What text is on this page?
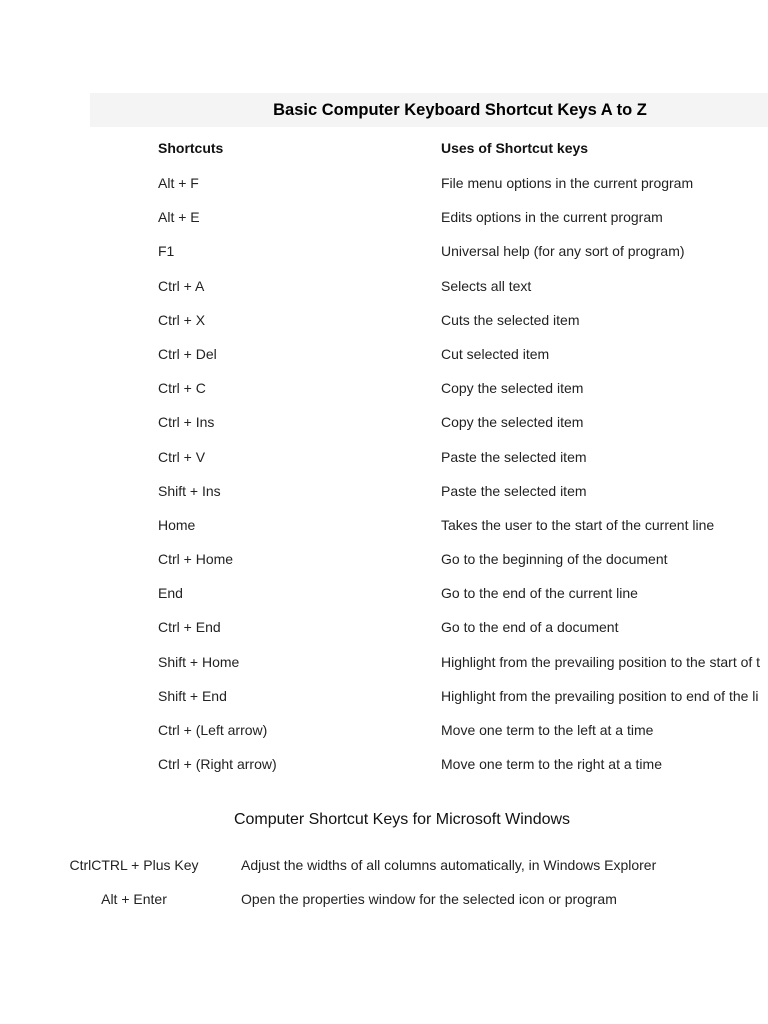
Basic Computer Keyboard Shortcut Keys A to Z
Shortcuts	Uses of Shortcut keys
Alt + F	File menu options in the current program
Alt + E	Edits options in the current program
F1	Universal help (for any sort of program)
Ctrl + A	Selects all text
Ctrl + X	Cuts the selected item
Ctrl + Del	Cut selected item
Ctrl + C	Copy the selected item
Ctrl + Ins	Copy the selected item
Ctrl + V	Paste the selected item
Shift + Ins	Paste the selected item
Home	Takes the user to the start of the current line
Ctrl + Home	Go to the beginning of the document
End	Go to the end of the current line
Ctrl + End	Go to the end of a document
Shift + Home	Highlight from the prevailing position to the start of t
Shift + End	Highlight from the prevailing position to end of the li
Ctrl + (Left arrow)	Move one term to the left at a time
Ctrl + (Right arrow)	Move one term to the right at a time
Computer Shortcut Keys for Microsoft Windows
CtrlCTRL + Plus Key	Adjust the widths of all columns automatically, in Windows Explorer
Alt + Enter	Open the properties window for the selected icon or program
